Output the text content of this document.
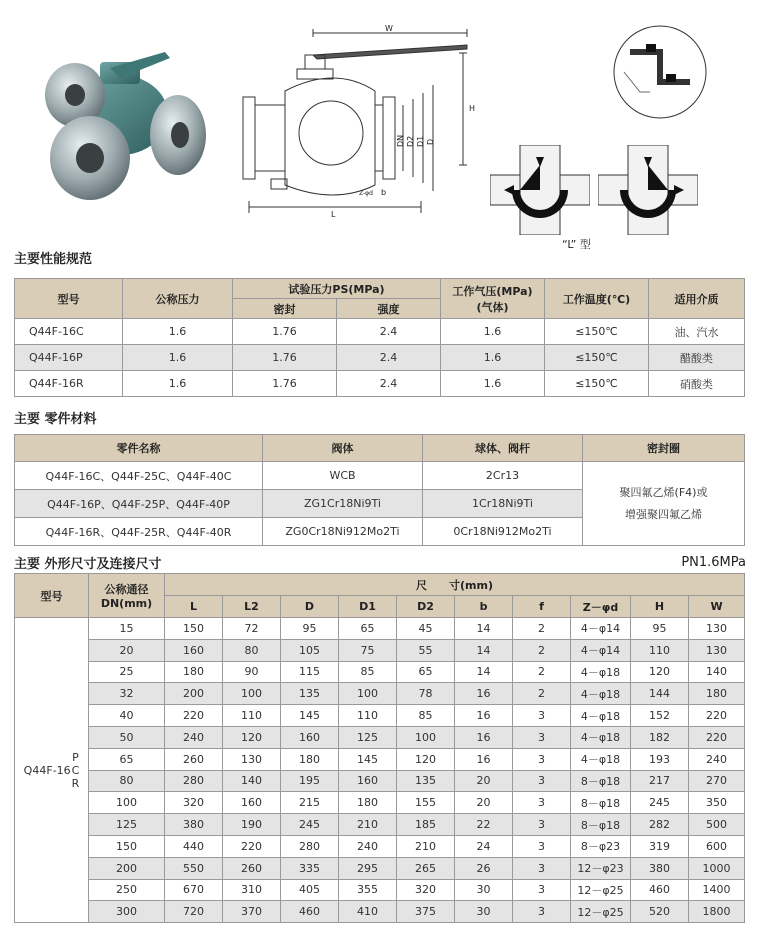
W
H
DN D2 D1 D
L
b
Z-φd
“L” 型
主要性能规范
型号	公称压力	试验压力PS(MPa)		工作气压(MPa)
(气体)	工作温度(℃)	适用介质
		密封	强度			
Q44F-16C	1.6	1.76	2.4	1.6	≤150℃	油、汽水
Q44F-16P	1.6	1.76	2.4	1.6	≤150℃	醋酸类
Q44F-16R	1.6	1.76	2.4	1.6	≤150℃	硝酸类
主要 零件材料
零件名称	阀体	球体、阀杆	密封圈
Q44F-16C、Q44F-25C、Q44F-40C	WCB	2Cr13	聚四氟乙烯(F4)或
增强聚四氟乙烯

Q44F-16P、Q44F-25P、Q44F-40P	ZG1Cr18Ni9Ti	1Cr18Ni9Ti	
Q44F-16R、Q44F-25R、Q44F-40R	ZG0Cr18Ni912Mo2Ti	0Cr18Ni912Mo2Ti	
主要 外形尺寸及连接尺寸	PN1.6MPa
型号	公称通径
DN(mm)	尺　　寸(mm)									
		L	L2	D	D1	D2	b	f	Z－φd	H	W

Q44F-16
P
C
R	15	150	72	95	65	45	14	2	4－φ14	95	130
	20	160	80	105	75	55	14	2	4－φ14	110	130
	25	180	90	115	85	65	14	2	4－φ18	120	140
	32	200	100	135	100	78	16	2	4－φ18	144	180
	40	220	110	145	110	85	16	3	4－φ18	152	220
	50	240	120	160	125	100	16	3	4－φ18	182	220
	65	260	130	180	145	120	16	3	4－φ18	193	240
	80	280	140	195	160	135	20	3	8－φ18	217	270
	100	320	160	215	180	155	20	3	8－φ18	245	350
	125	380	190	245	210	185	22	3	8－φ18	282	500
	150	440	220	280	240	210	24	3	8－φ23	319	600
	200	550	260	335	295	265	26	3	12－φ23	380	1000
	250	670	310	405	355	320	30	3	12－φ25	460	1400
	300	720	370	460	410	375	30	3	12－φ25	520	1800
